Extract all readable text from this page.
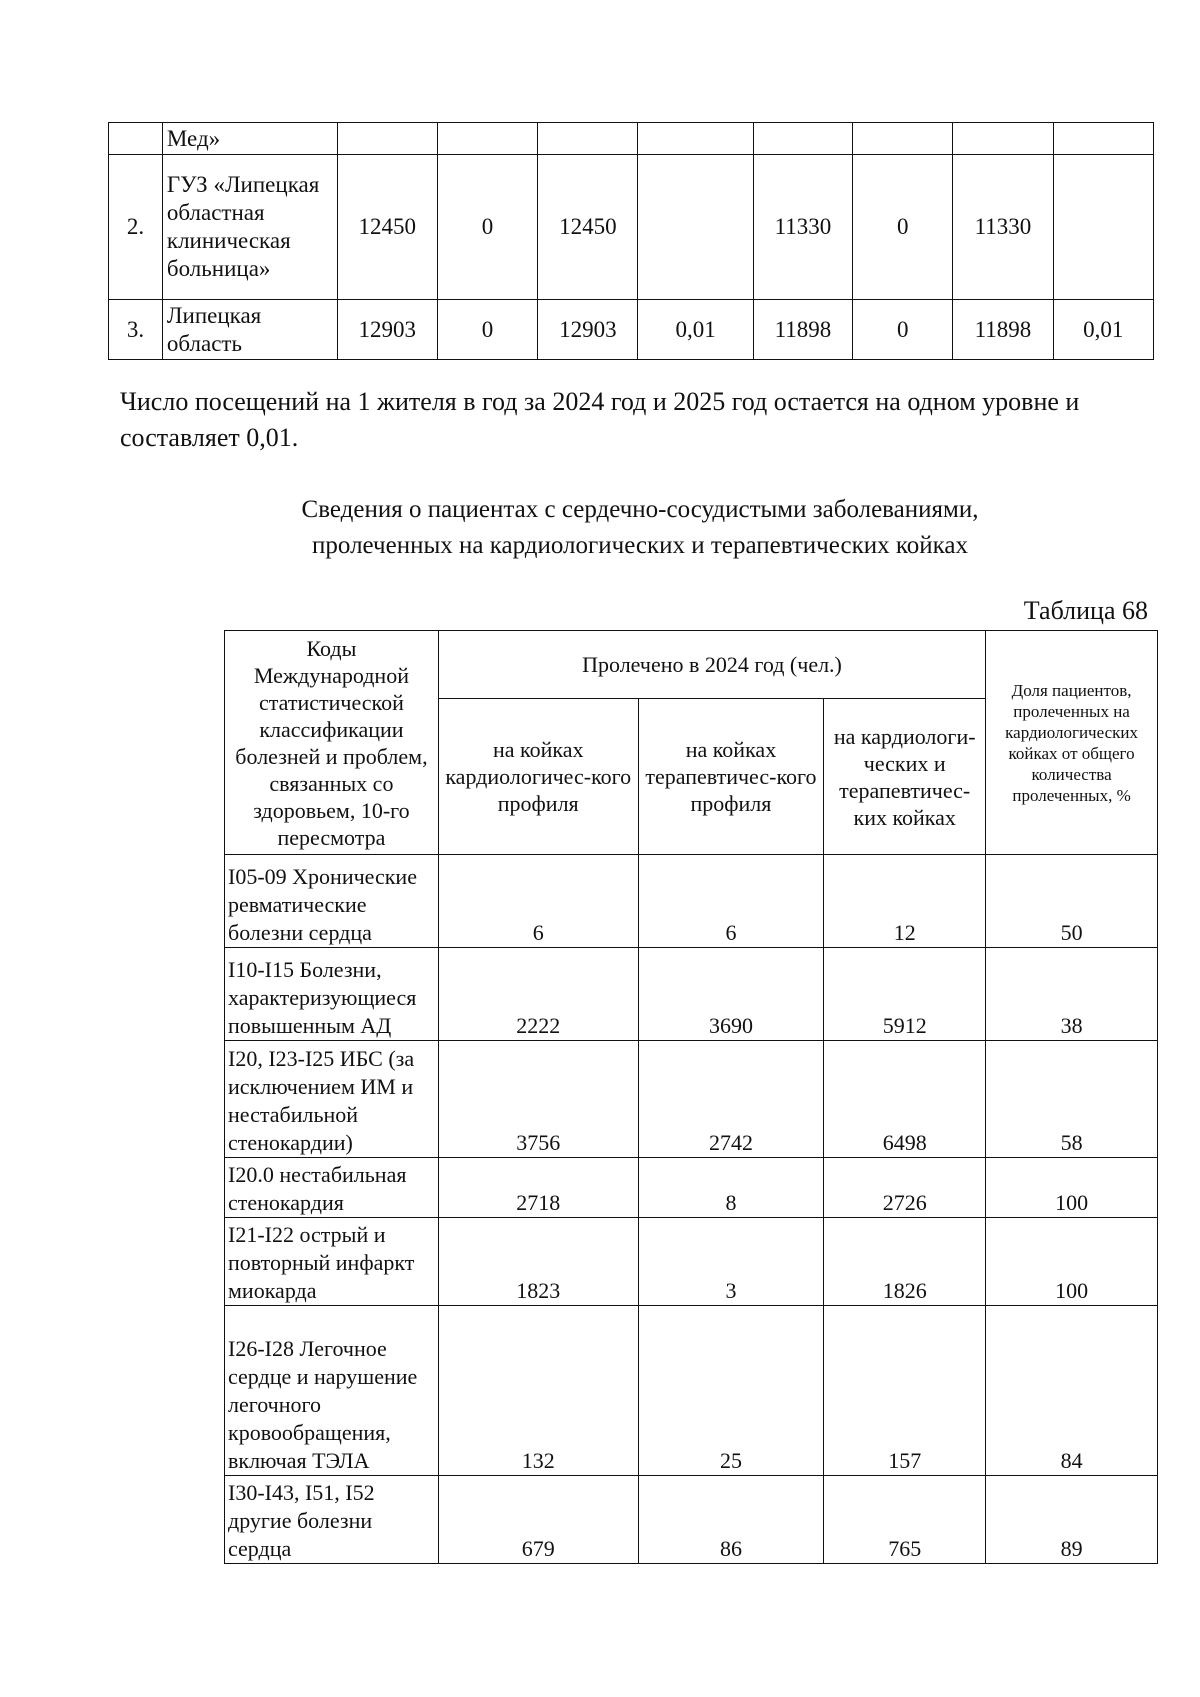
	Мед»								
2.	ГУЗ «Липецкая областная клиническая больница»	12450	0	12450		11330	0	11330	
3.	Липецкая область	12903	0	12903	0,01	11898	0	11898	0,01
Число посещений на 1 жителя в год за 2024 год и 2025 год остается на одном уровне и составляет 0,01.
Сведения о пациентах с сердечно-сосудистыми заболеваниями,
пролеченных на кардиологических и терапевтических койках
Таблица 68
Коды Международной статистической классификации болезней и проблем, связанных со здоровьем, 10-го пересмотра	Пролечено в 2024 год (чел.)			Доля пациентов, пролеченных на кардиологических койках от общего количества пролеченных, %
	на койках кардиологичес-кого профиля	на койках терапевтичес-кого профиля	на кардиологи-ческих и терапевтичес-ких койках	
I05-09 Хронические ревматические болезни сердца	6	6	12	50
I10-I15 Болезни, характеризующиеся повышенным АД	2222	3690	5912	38
I20, I23-I25 ИБС (за исключением ИМ и нестабильной стенокардии)	3756	2742	6498	58
I20.0 нестабильная стенокардия	2718	8	2726	100
I21-I22 острый и повторный инфаркт миокарда	1823	3	1826	100
I26-I28 Легочное сердце и нарушение легочного кровообращения, включая ТЭЛА	132	25	157	84
I30-I43, I51, I52 другие болезни сердца	679	86	765	89
